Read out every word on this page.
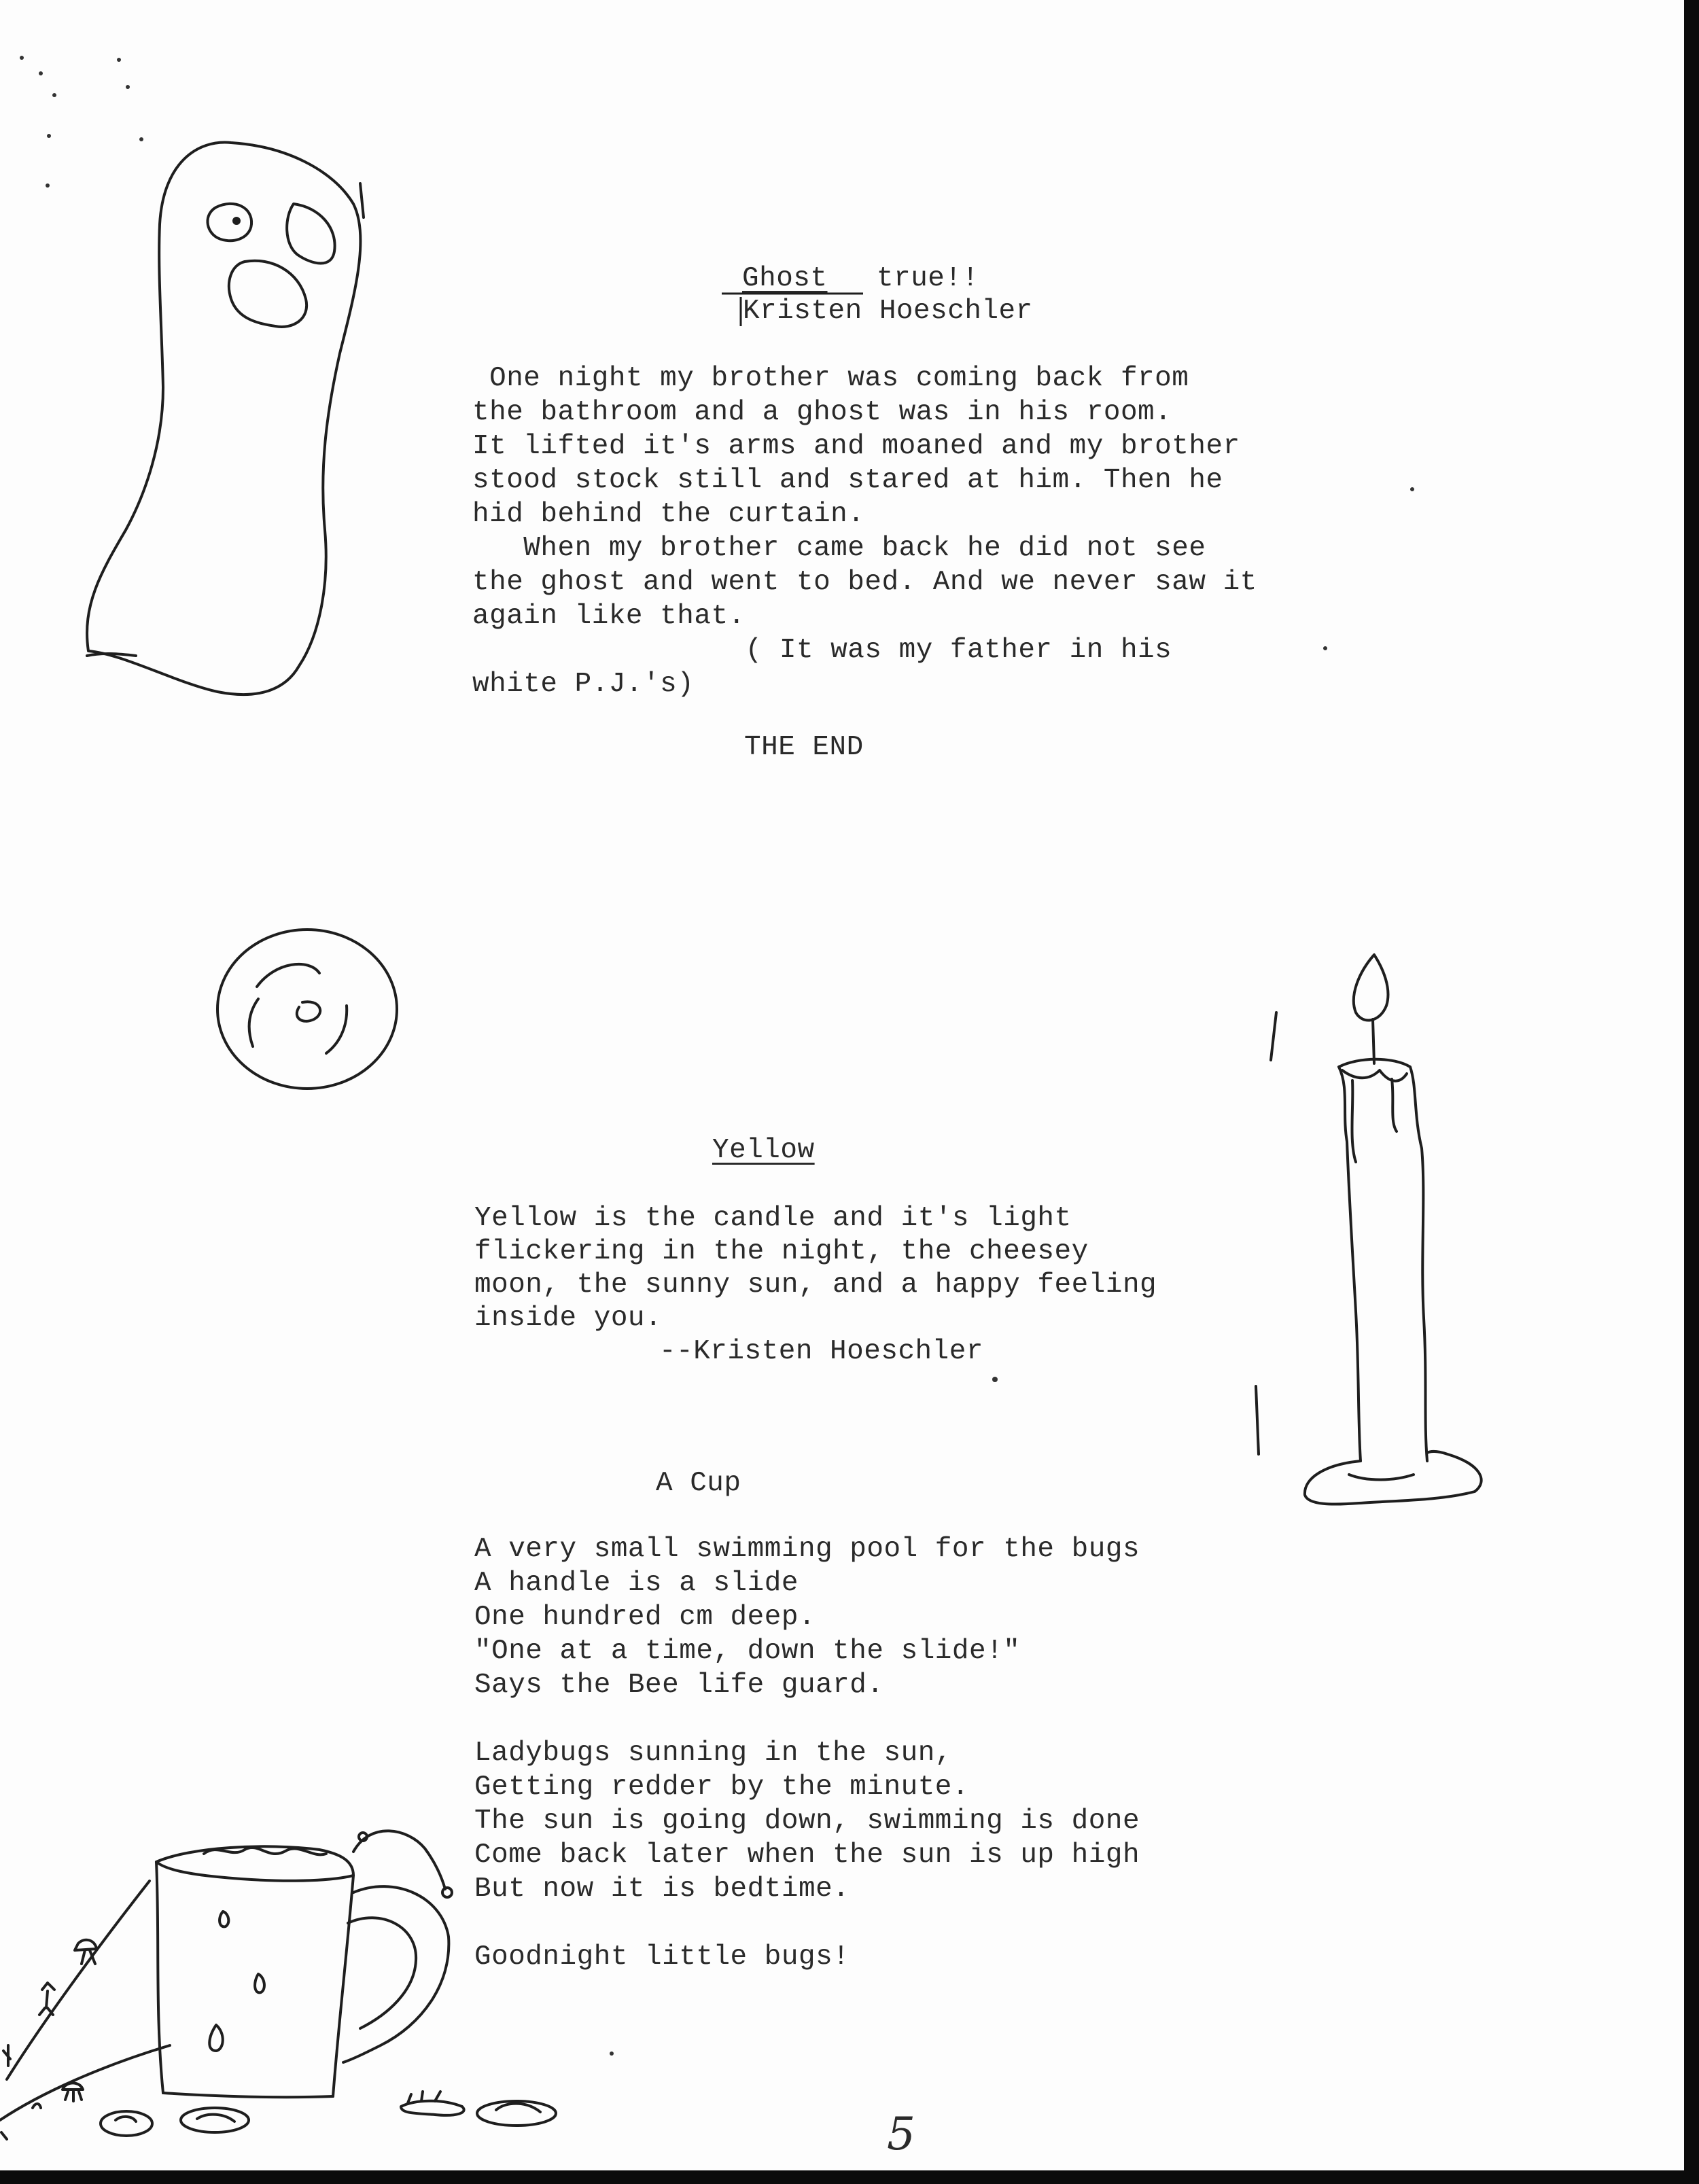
Ghost true!!
Kristen Hoeschler
One night my brother was coming back from
the bathroom and a ghost was in his room.
It lifted it's arms and moaned and my brother
stood stock still and stared at him. Then he
hid behind the curtain.
When my brother came back he did not see
the ghost and went to bed. And we never saw it
again like that.
( It was my father in his
white P.J.'s)
THE END
Yellow
Yellow is the candle and it's light
flickering in the night, the cheesey
moon, the sunny sun, and a happy feeling
inside you.
--Kristen Hoeschler
A Cup
A very small swimming pool for the bugs
A handle is a slide
One hundred cm deep.
"One at a time, down the slide!"
Says the Bee life guard.
Ladybugs sunning in the sun,
Getting redder by the minute.
The sun is going down, swimming is done
Come back later when the sun is up high
But now it is bedtime.
Goodnight little bugs!
5
